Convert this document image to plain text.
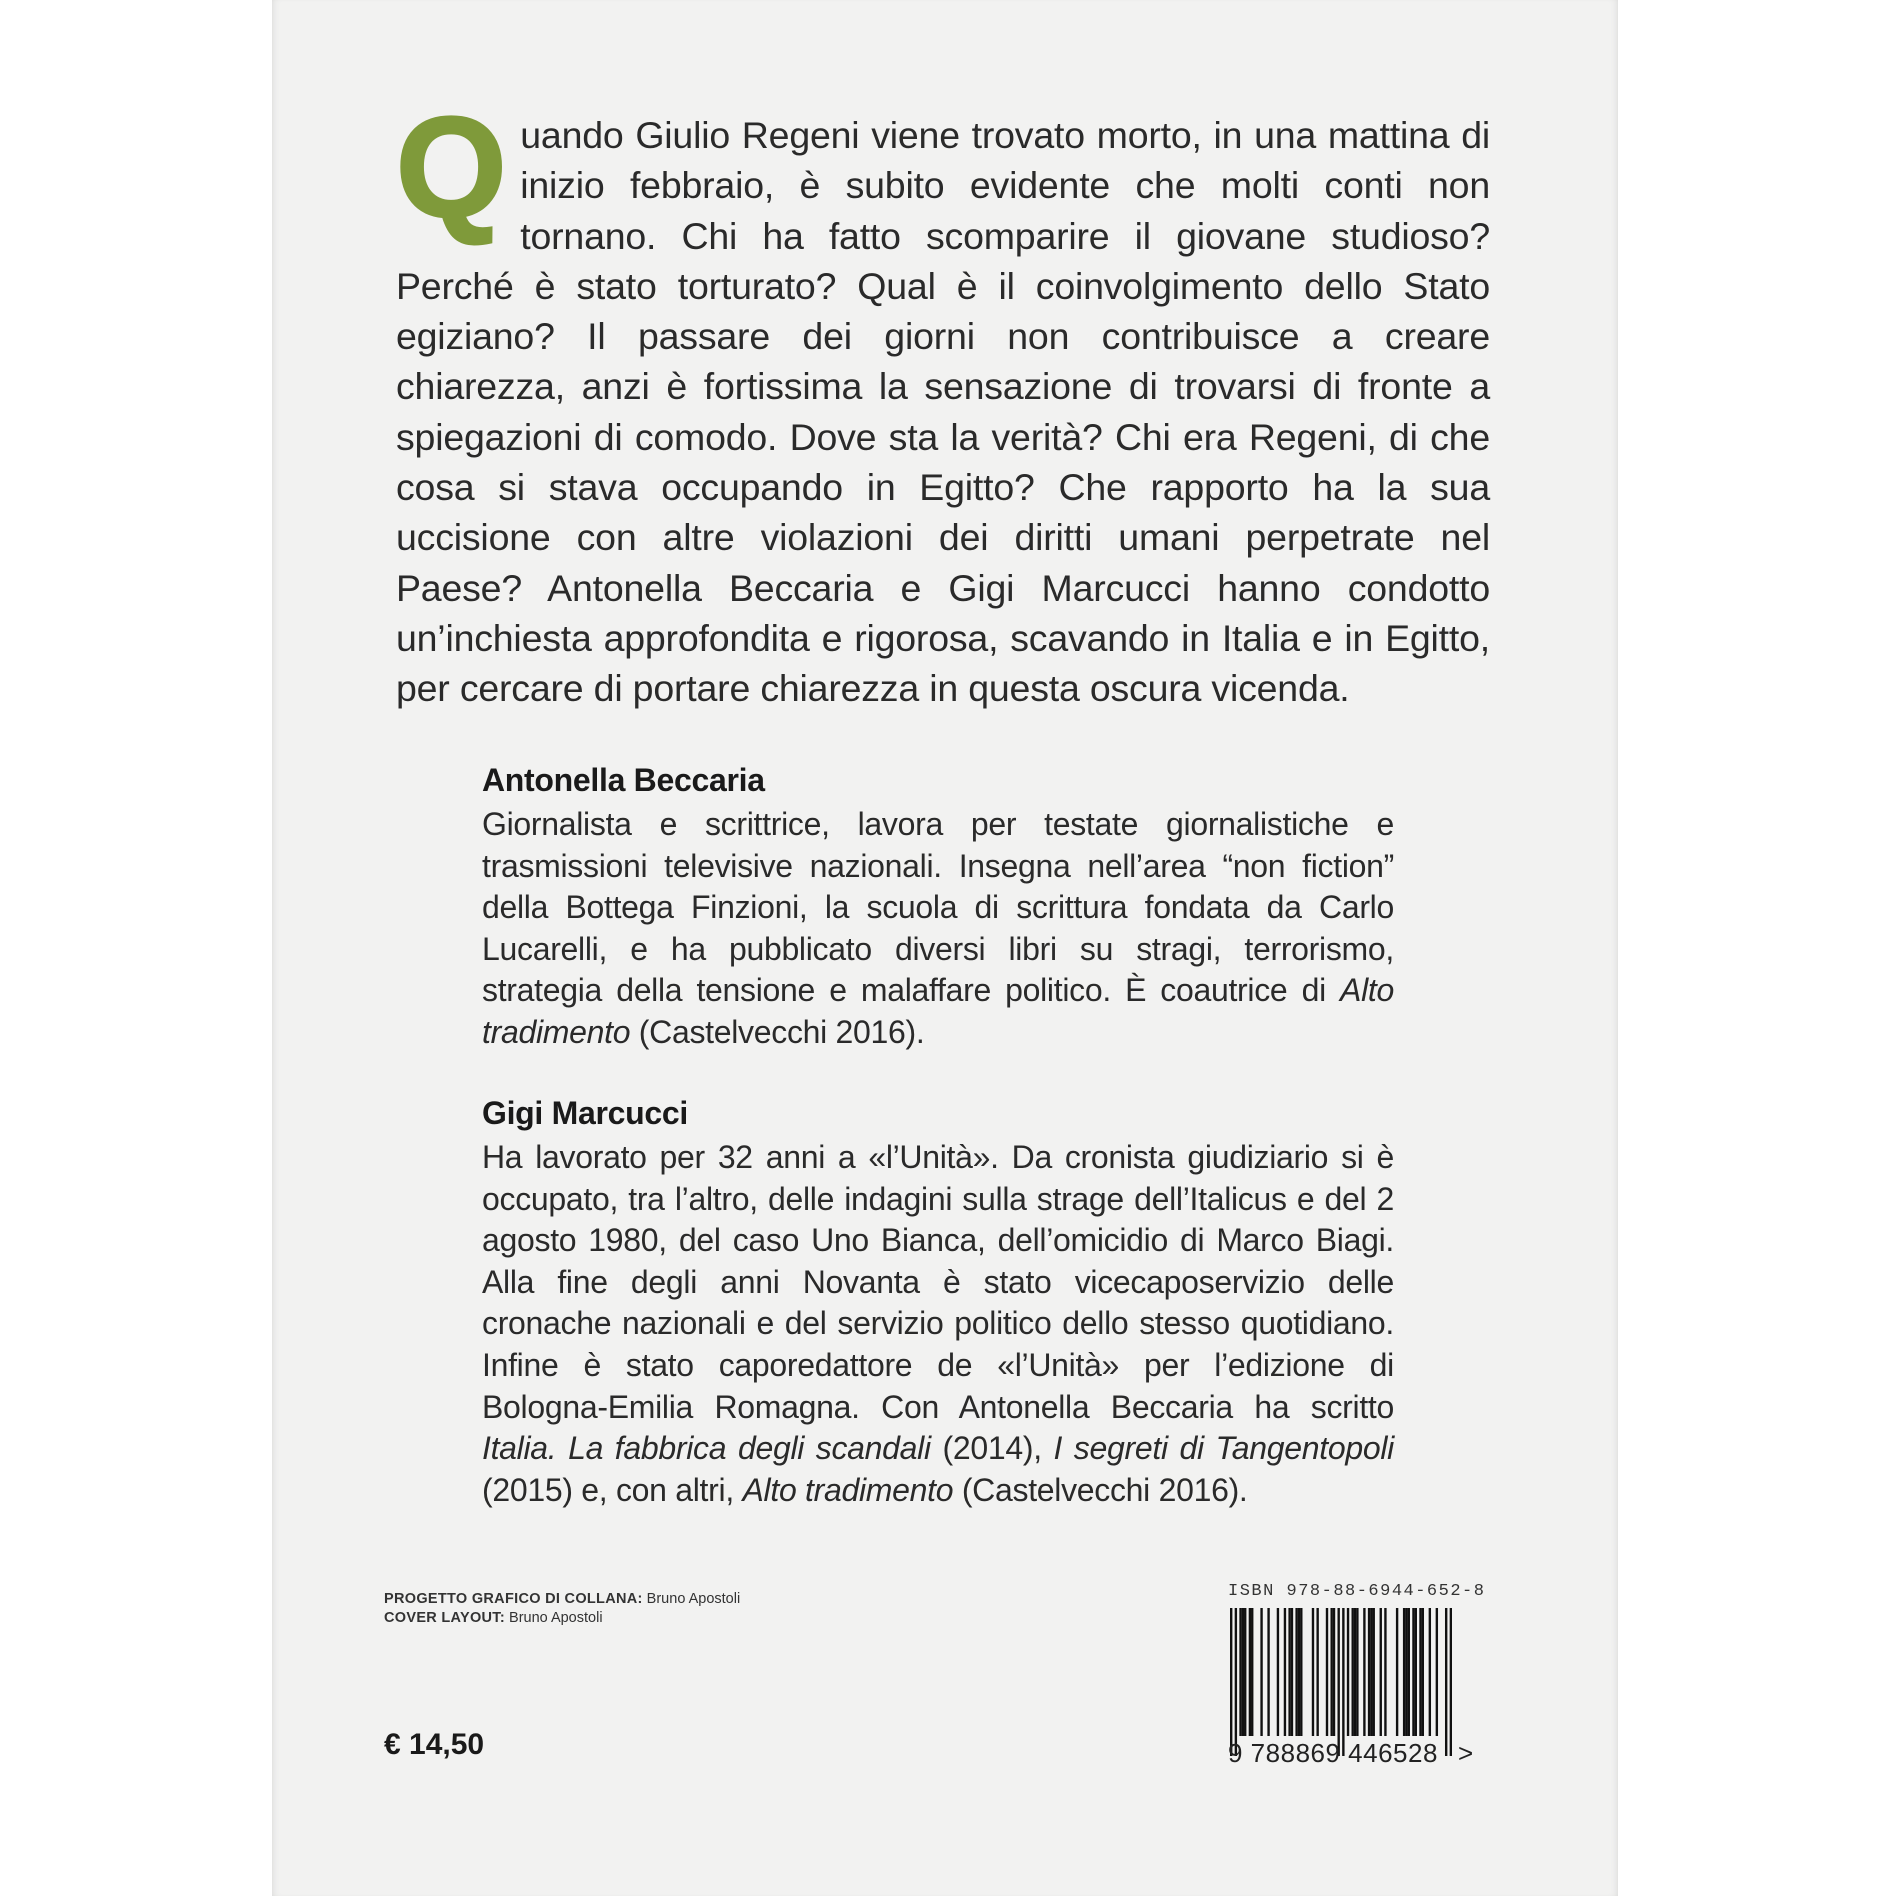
Quando Giulio Regeni viene trovato morto, in una mattina di inizio febbraio, è subito evidente che molti conti non tornano. Chi ha fatto scomparire il giovane studioso? Perché è stato torturato? Qual è il coinvolgimento dello Stato egiziano? Il passare dei giorni non contribuisce a creare chiarezza, anzi è fortissima la sensazione di trovarsi di fronte a spiegazioni di comodo. Dove sta la verità? Chi era Regeni, di che cosa si stava occupando in Egitto? Che rapporto ha la sua uccisione con altre violazioni dei diritti umani perpetrate nel Paese? Antonella Beccaria e Gigi Marcucci hanno condotto un’inchiesta approfondita e rigorosa, scavando in Italia e in Egitto, per cercare di portare chiarezza in questa oscura vicenda.
Antonella Beccaria

Giornalista e scrittrice, lavora per testate giornalistiche e trasmissioni televisive nazionali. Insegna nell’area “non fiction” della Bottega Finzioni, la scuola di scrittura fondata da Carlo Lucarelli, e ha pubblicato diversi libri su stragi, terrorismo, strategia della tensione e malaffare politico. È coautrice di Alto tradimento (Castelvecchi 2016).

Gigi Marcucci

Ha lavorato per 32 anni a «l’Unità». Da cronista giudiziario si è occupato, tra l’altro, delle indagini sulla strage dell’Italicus e del 2 agosto 1980, del caso Uno Bianca, dell’omicidio di Marco Biagi. Alla fine degli anni Novanta è stato vicecaposervizio delle cronache nazionali e del servizio politico dello stesso quotidiano. Infine è stato caporedattore de «l’Unità» per l’edizione di Bologna-Emilia Romagna. Con Antonella Beccaria ha scritto Italia. La fabbrica degli scandali (2014), I segreti di Tangentopoli (2015) e, con altri, Alto tradimento (Castelvecchi 2016).

PROGETTO GRAFICO DI COLLANA: Bruno Apostoli
COVER LAYOUT: Bruno Apostoli
€ 14,50
ISBN 978-88-6944-652-8
9 788869 446528 >
